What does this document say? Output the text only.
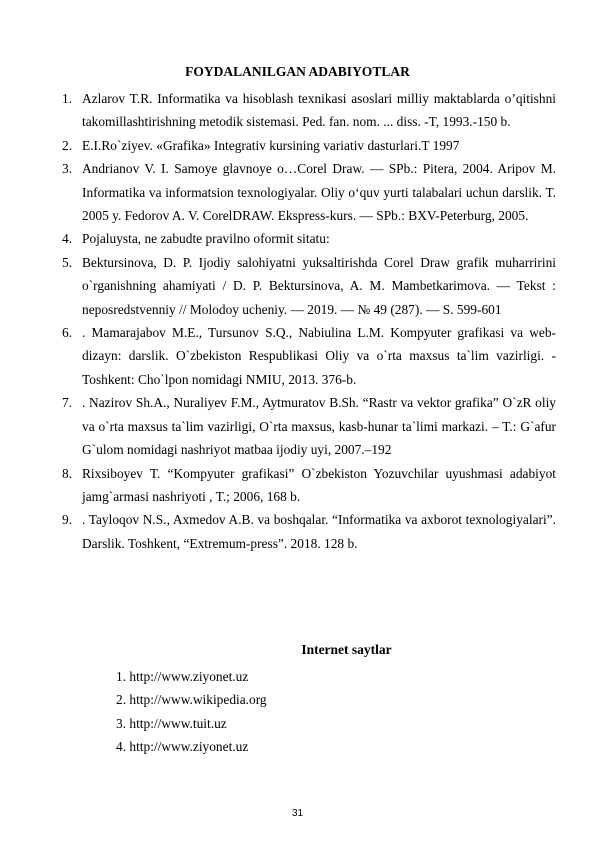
FOYDALANILGAN ADABIYOTLAR
1. Azlarov T.R. Informatika va hisoblash texnikasi asoslari milliy maktablarda o’qitishni takomillashtirishning metodik sistemasi. Ped. fan. nom. ... diss. -T, 1993.-150 b.
2. E.I.Ro`ziyev. «Grafika» Integrativ kursining variativ dasturlari.T 1997
3. Andrianov V. I. Samoye glavnoye o…Corel Draw. — SPb.: Pitera, 2004. Aripov M. Informatika va informatsion texnologiyalar. Oliy o‘quv yurti talabalari uchun darslik. T. 2005 y. Fedorov A. V. CorelDRAW. Ekspress-kurs. — SPb.: BXV-Peterburg, 2005.
4. Pojaluysta, ne zabudte pravilno oformit sitatu:
5. Bektursinova, D. P. Ijodiy salohiyatni yuksaltirishda Corel Draw grafik muharririni o`rganishning ahamiyati / D. P. Bektursinova, A. M. Mambetkarimova. — Tekst : neposredstvenniy // Molodoy ucheniy. — 2019. — № 49 (287). — S. 599-601
6. . Mamarajabov M.E., Tursunov S.Q., Nabiulina L.M. Kompyuter grafikasi va web-dizayn: darslik. O`zbekiston Respublikasi Oliy va o`rta maxsus ta`lim vazirligi. - Toshkent: Cho`lpon nomidagi NMIU, 2013. 376-b.
7. . Nazirov Sh.A., Nuraliyev F.M., Aytmuratov B.Sh. “Rastr va vektor grafika” O`zR oliy va o`rta maxsus ta`lim vazirligi, O`rta maxsus, kasb-hunar ta`limi markazi. – T.: G`afur G`ulom nomidagi nashriyot matbaa ijodiy uyi, 2007.–192
8. Rixsiboyev T. “Kompyuter grafikasi” O`zbekiston Yozuvchilar uyushmasi adabiyot jamg`armasi nashriyoti , T.; 2006, 168 b.
9. . Tayloqov N.S., Axmedov A.B. va boshqalar. “Informatika va axborot texnologiyalari”. Darslik. Toshkent, “Extremum-press”. 2018. 128 b.
Internet saytlar
1. http://www.ziyonet.uz
2. http://www.wikipedia.org
3. http://www.tuit.uz
4. http://www.ziyonet.uz
31
